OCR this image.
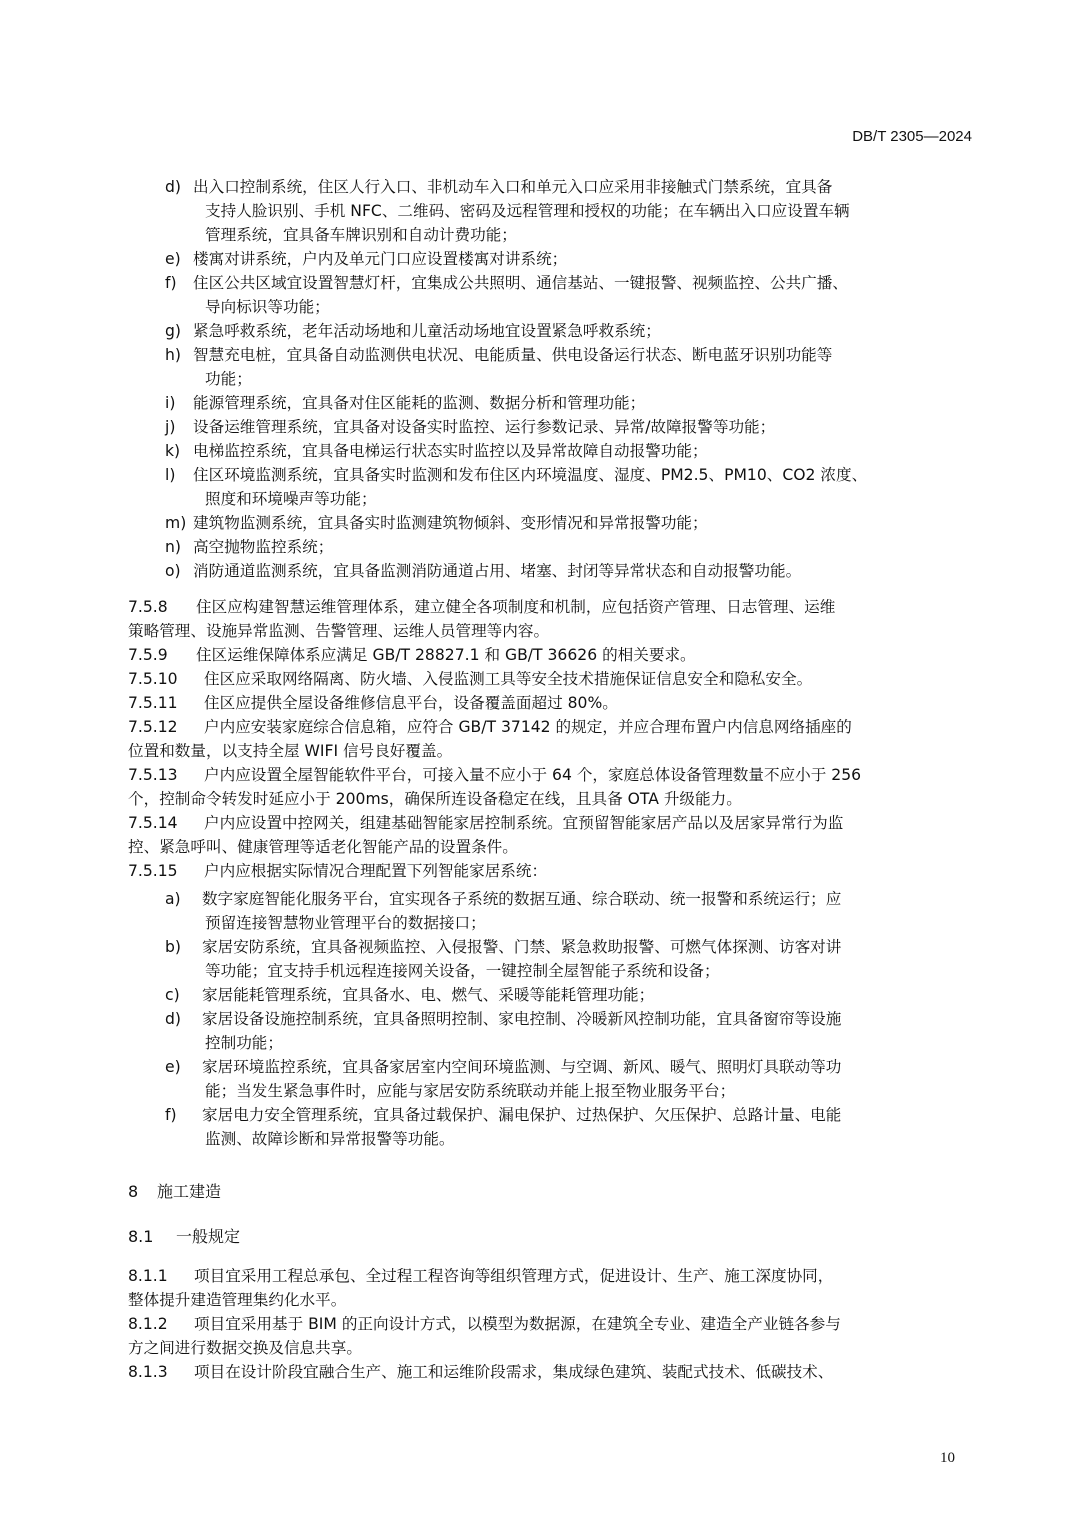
DB/T 2305—2024
d) 出入口控制系统，住区人行入口、非机动车入口和单元入口应采用非接触式门禁系统，宜具备
支持人脸识别、手机 NFC、二维码、密码及远程管理和授权的功能；在车辆出入口应设置车辆
管理系统，宜具备车牌识别和自动计费功能；
e) 楼寓对讲系统，户内及单元门口应设置楼寓对讲系统；
f) 住区公共区域宜设置智慧灯杆，宜集成公共照明、通信基站、一键报警、视频监控、公共广播、
导向标识等功能；
g) 紧急呼救系统，老年活动场地和儿童活动场地宜设置紧急呼救系统；
h) 智慧充电桩，宜具备自动监测供电状况、电能质量、供电设备运行状态、断电蓝牙识别功能等
功能；
i) 能源管理系统，宜具备对住区能耗的监测、数据分析和管理功能；
j) 设备运维管理系统，宜具备对设备实时监控、运行参数记录、异常/故障报警等功能；
k) 电梯监控系统，宜具备电梯运行状态实时监控以及异常故障自动报警功能；
l) 住区环境监测系统，宜具备实时监测和发布住区内环境温度、湿度、PM2.5、PM10、CO2 浓度、
照度和环境噪声等功能；
m) 建筑物监测系统，宜具备实时监测建筑物倾斜、变形情况和异常报警功能；
n) 高空抛物监控系统；
o) 消防通道监测系统，宜具备监测消防通道占用、堵塞、封闭等异常状态和自动报警功能。
7.5.8 住区应构建智慧运维管理体系，建立健全各项制度和机制，应包括资产管理、日志管理、运维
策略管理、设施异常监测、告警管理、运维人员管理等内容。
7.5.9 住区运维保障体系应满足 GB/T 28827.1 和 GB/T 36626 的相关要求。
7.5.10 住区应采取网络隔离、防火墙、入侵监测工具等安全技术措施保证信息安全和隐私安全。
7.5.11 住区应提供全屋设备维修信息平台，设备覆盖面超过 80%。
7.5.12 户内应安装家庭综合信息箱，应符合 GB/T 37142 的规定，并应合理布置户内信息网络插座的
位置和数量，以支持全屋 WIFI 信号良好覆盖。
7.5.13 户内应设置全屋智能软件平台，可接入量不应小于 64 个，家庭总体设备管理数量不应小于 256
个，控制命令转发时延应小于 200ms，确保所连设备稳定在线，且具备 OTA 升级能力。
7.5.14 户内应设置中控网关，组建基础智能家居控制系统。宜预留智能家居产品以及居家异常行为监
控、紧急呼叫、健康管理等适老化智能产品的设置条件。
7.5.15 户内应根据实际情况合理配置下列智能家居系统：
a) 数字家庭智能化服务平台，宜实现各子系统的数据互通、综合联动、统一报警和系统运行；应
预留连接智慧物业管理平台的数据接口；
b) 家居安防系统，宜具备视频监控、入侵报警、门禁、紧急救助报警、可燃气体探测、访客对讲
等功能；宜支持手机远程连接网关设备，一键控制全屋智能子系统和设备；
c) 家居能耗管理系统，宜具备水、电、燃气、采暖等能耗管理功能；
d) 家居设备设施控制系统，宜具备照明控制、家电控制、冷暖新风控制功能，宜具备窗帘等设施
控制功能；
e) 家居环境监控系统，宜具备家居室内空间环境监测、与空调、新风、暖气、照明灯具联动等功
能；当发生紧急事件时，应能与家居安防系统联动并能上报至物业服务平台；
f) 家居电力安全管理系统，宜具备过载保护、漏电保护、过热保护、欠压保护、总路计量、电能
监测、故障诊断和异常报警等功能。
8 施工建造
8.1 一般规定
8.1.1 项目宜采用工程总承包、全过程工程咨询等组织管理方式，促进设计、生产、施工深度协同，
整体提升建造管理集约化水平。
8.1.2 项目宜采用基于 BIM 的正向设计方式，以模型为数据源，在建筑全专业、建造全产业链各参与
方之间进行数据交换及信息共享。
8.1.3 项目在设计阶段宜融合生产、施工和运维阶段需求，集成绿色建筑、装配式技术、低碳技术、
10
